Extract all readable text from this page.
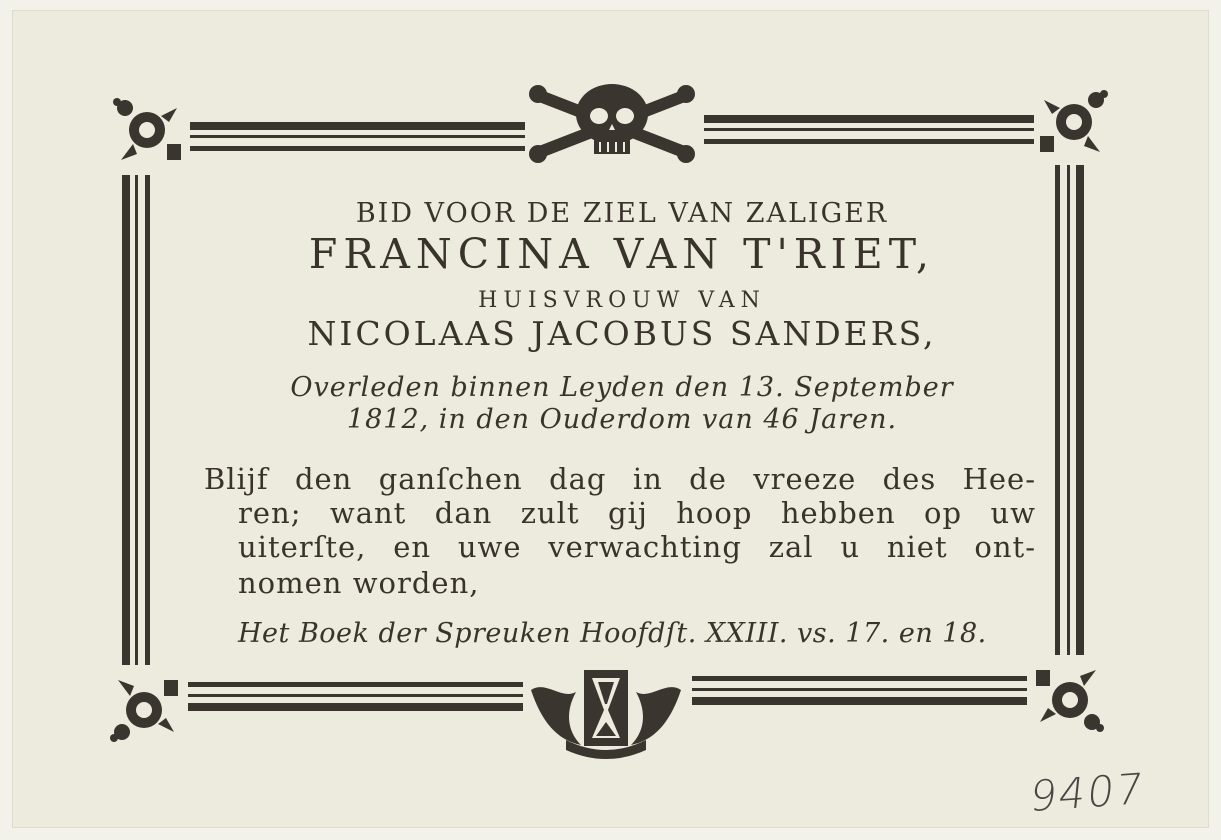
BID VOOR DE ZIEL VAN ZALIGER
FRANCINA VAN T'RIET,
HUISVROUW VAN
NICOLAAS JACOBUS SANDERS,
Overleden binnen Leyden den 13. September
1812, in den Ouderdom van 46 Jaren.
Blijf den ganſchen dag in de vreeze des Hee-
ren; want dan zult gij hoop hebben op uw
uiterſte, en uwe verwachting zal u niet ont-
nomen worden,
Het Boek der Spreuken Hoofdſt. XXIII. vs. 17. en 18.
9407
